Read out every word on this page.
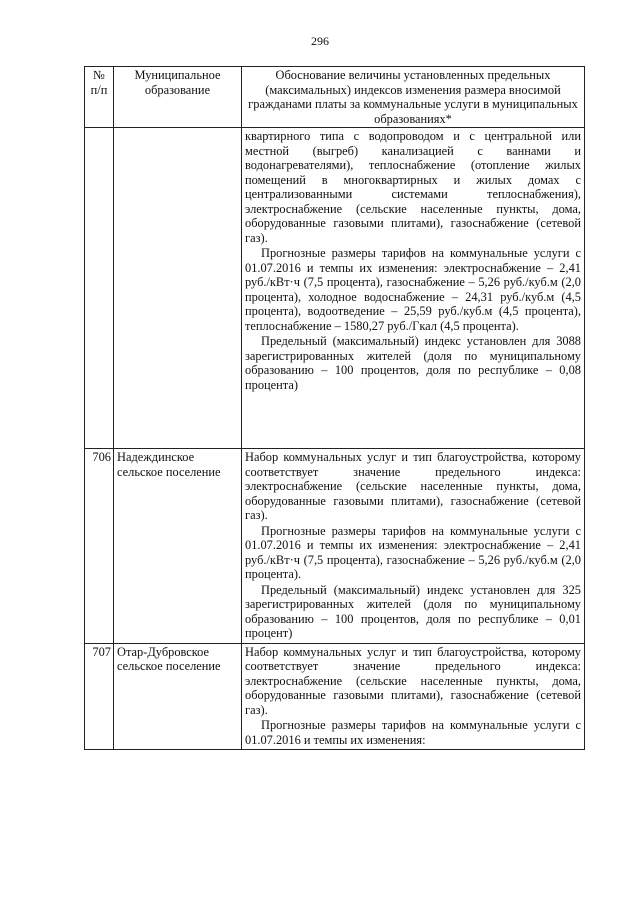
296
№ п/п	Муниципальное образование	Обоснование величины установленных предельных (максимальных) индексов изменения размера вносимой гражданами платы за коммунальные услуги в муниципальных образованиях*

		квартирного типа с водопроводом и с центральной или местной (выгреб) канализацией с ваннами и водонагревателями), теплоснабжение (отопление жилых помещений в многоквартирных и жилых домах с централизованными системами теплоснабжения), электроснабжение (сельские населенные пункты, дома, оборудованные газовыми плитами), газоснабжение (сетевой газ).

Прогнозные размеры тарифов на коммунальные услуги с 01.07.2016 и темпы их изменения: электроснабжение – 2,41 руб./кВт·ч (7,5 процента), газоснабжение – 5,26 руб./куб.м (2,0 процента), холодное водоснабжение – 24,31 руб./куб.м (4,5 процента), водоотведение – 25,59 руб./куб.м (4,5 процента), теплоснабжение – 1580,27 руб./Гкал (4,5 процента).

Предельный (максимальный) индекс установлен для 3088 зарегистрированных жителей (доля по муниципальному образованию – 100 процентов, доля по республике – 0,08 процента)

706	Надеждинское сельское поселение	Набор коммунальных услуг и тип благоустройства, которому соответствует значение предельного индекса: электроснабжение (сельские населенные пункты, дома, оборудованные газовыми плитами), газоснабжение (сетевой газ).

Прогнозные размеры тарифов на коммунальные услуги с 01.07.2016 и темпы их изменения: электроснабжение – 2,41 руб./кВт·ч (7,5 процента), газоснабжение – 5,26 руб./куб.м (2,0 процента).

Предельный (максимальный) индекс установлен для 325 зарегистрированных жителей (доля по муниципальному образованию – 100 процентов, доля по республике – 0,01 процент)

707	Отар-Дубровское сельское поселение	Набор коммунальных услуг и тип благоустройства, которому соответствует значение предельного индекса: электроснабжение (сельские населенные пункты, дома, оборудованные газовыми плитами), газоснабжение (сетевой газ).

Прогнозные размеры тарифов на коммунальные услуги с 01.07.2016 и темпы их изменения:
